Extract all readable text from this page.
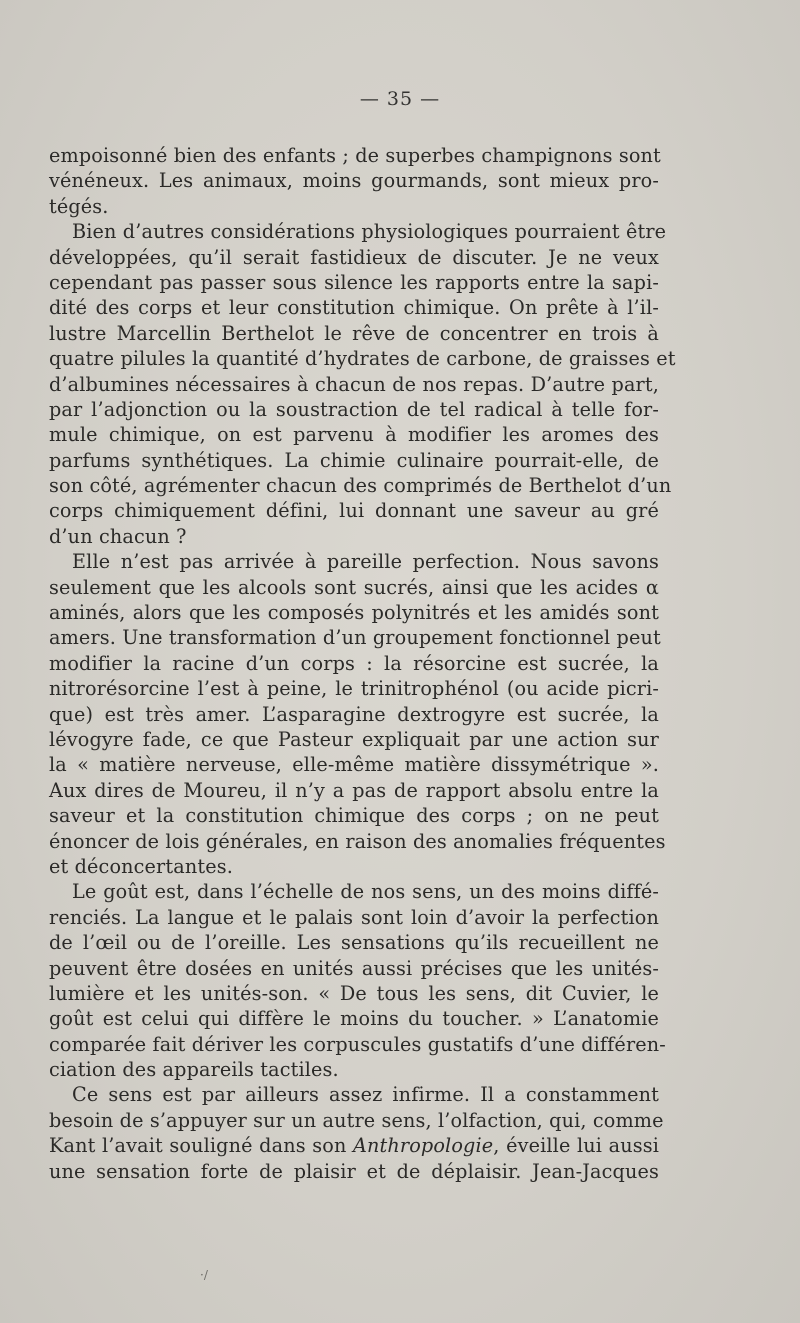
— 35 —
empoisonné bien des enfants ; de superbes champignons sont
vénéneux. Les animaux, moins gourmands, sont mieux pro-
tégés.
Bien d’autres considérations physiologiques pourraient être
développées, qu’il serait fastidieux de discuter. Je ne veux
cependant pas passer sous silence les rapports entre la sapi-
dité des corps et leur constitution chimique. On prête à l’il-
lustre Marcellin Berthelot le rêve de concentrer en trois à
quatre pilules la quantité d’hydrates de carbone, de graisses et
d’albumines nécessaires à chacun de nos repas. D’autre part,
par l’adjonction ou la soustraction de tel radical à telle for-
mule chimique, on est parvenu à modifier les aromes des
parfums synthétiques. La chimie culinaire pourrait-elle, de
son côté, agrémenter chacun des comprimés de Berthelot d’un
corps chimiquement défini, lui donnant une saveur au gré
d’un chacun ?
Elle n’est pas arrivée à pareille perfection. Nous savons
seulement que les alcools sont sucrés, ainsi que les acides α
aminés, alors que les composés polynitrés et les amidés sont
amers. Une transformation d’un groupement fonctionnel peut
modifier la racine d’un corps : la résorcine est sucrée, la
nitrorésorcine l’est à peine, le trinitrophénol (ou acide picri-
que) est très amer. L’asparagine dextrogyre est sucrée, la
lévogyre fade, ce que Pasteur expliquait par une action sur
la « matière nerveuse, elle-même matière dissymétrique ».
Aux dires de Moureu, il n’y a pas de rapport absolu entre la
saveur et la constitution chimique des corps ; on ne peut
énoncer de lois générales, en raison des anomalies fréquentes
et déconcertantes.
Le goût est, dans l’échelle de nos sens, un des moins diffé-
renciés. La langue et le palais sont loin d’avoir la perfection
de l’œil ou de l’oreille. Les sensations qu’ils recueillent ne
peuvent être dosées en unités aussi précises que les unités-
lumière et les unités-son. « De tous les sens, dit Cuvier, le
goût est celui qui diffère le moins du toucher. » L’anatomie
comparée fait dériver les corpuscules gustatifs d’une différen-
ciation des appareils tactiles.
Ce sens est par ailleurs assez infirme. Il a constamment
besoin de s’appuyer sur un autre sens, l’olfaction, qui, comme
Kant l’avait souligné dans son Anthropologie, éveille lui aussi
une sensation forte de plaisir et de déplaisir. Jean-Jacques
·/
